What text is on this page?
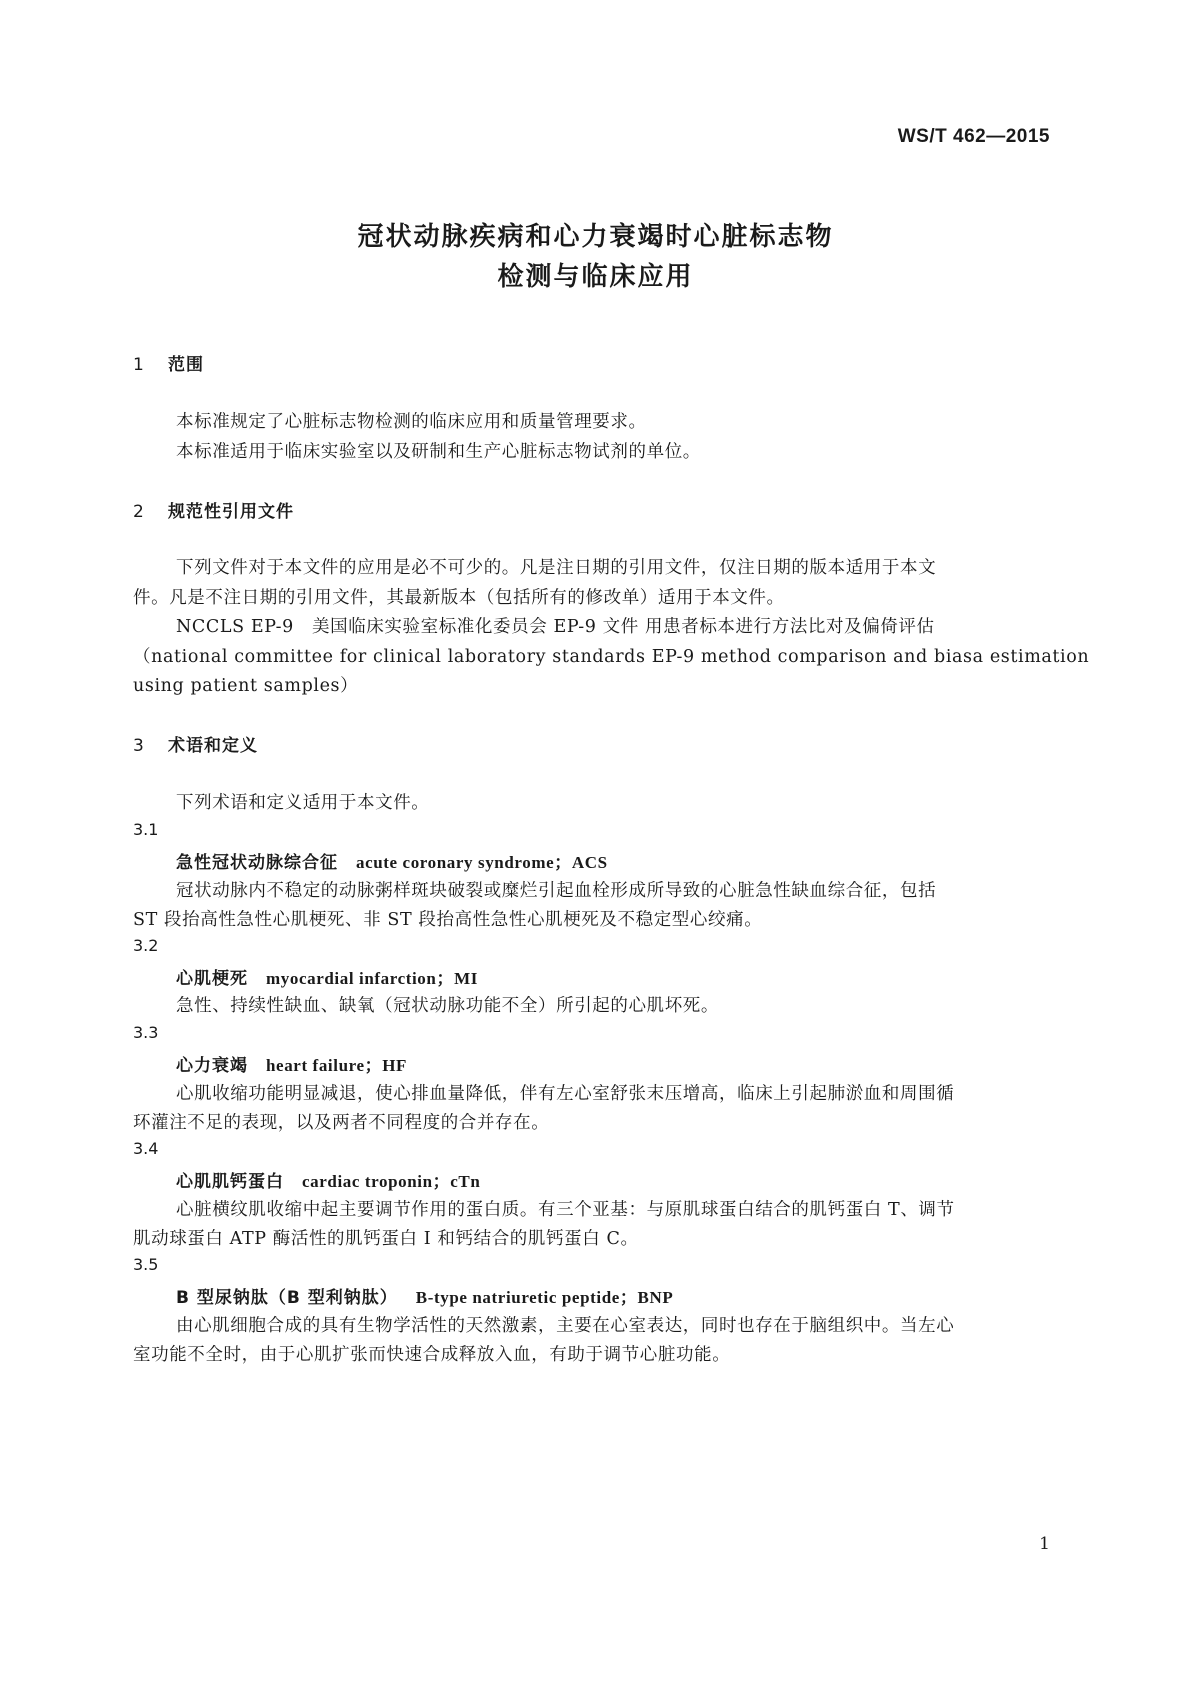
WS/T 462—2015
冠状动脉疾病和心力衰竭时心脏标志物
检测与临床应用
1 范围

本标准规定了心脏标志物检测的临床应用和质量管理要求。

本标准适用于临床实验室以及研制和生产心脏标志物试剂的单位。

2 规范性引用文件

下列文件对于本文件的应用是必不可少的。凡是注日期的引用文件，仅注日期的版本适用于本文

件。凡是不注日期的引用文件，其最新版本（包括所有的修改单）适用于本文件。

NCCLS EP-9　美国临床实验室标准化委员会 EP-9 文件 用患者标本进行方法比对及偏倚评估

（national committee for clinical laboratory standards EP-9 method comparison and biasa estimation

using patient samples）

3 术语和定义

下列术语和定义适用于本文件。

3.1
急性冠状动脉综合征 acute coronary syndrome；ACS

冠状动脉内不稳定的动脉粥样斑块破裂或糜烂引起血栓形成所导致的心脏急性缺血综合征，包括

ST 段抬高性急性心肌梗死、非 ST 段抬高性急性心肌梗死及不稳定型心绞痛。

3.2
心肌梗死 myocardial infarction；MI

急性、持续性缺血、缺氧（冠状动脉功能不全）所引起的心肌坏死。

3.3
心力衰竭 heart failure；HF

心肌收缩功能明显减退，使心排血量降低，伴有左心室舒张末压增高，临床上引起肺淤血和周围循

环灌注不足的表现，以及两者不同程度的合并存在。

3.4
心肌肌钙蛋白 cardiac troponin；cTn

心脏横纹肌收缩中起主要调节作用的蛋白质。有三个亚基：与原肌球蛋白结合的肌钙蛋白 T、调节

肌动球蛋白 ATP 酶活性的肌钙蛋白 I 和钙结合的肌钙蛋白 C。

3.5
B 型尿钠肽（B 型利钠肽） B-type natriuretic peptide；BNP

由心肌细胞合成的具有生物学活性的天然激素，主要在心室表达，同时也存在于脑组织中。当左心

室功能不全时，由于心肌扩张而快速合成释放入血，有助于调节心脏功能。

1
